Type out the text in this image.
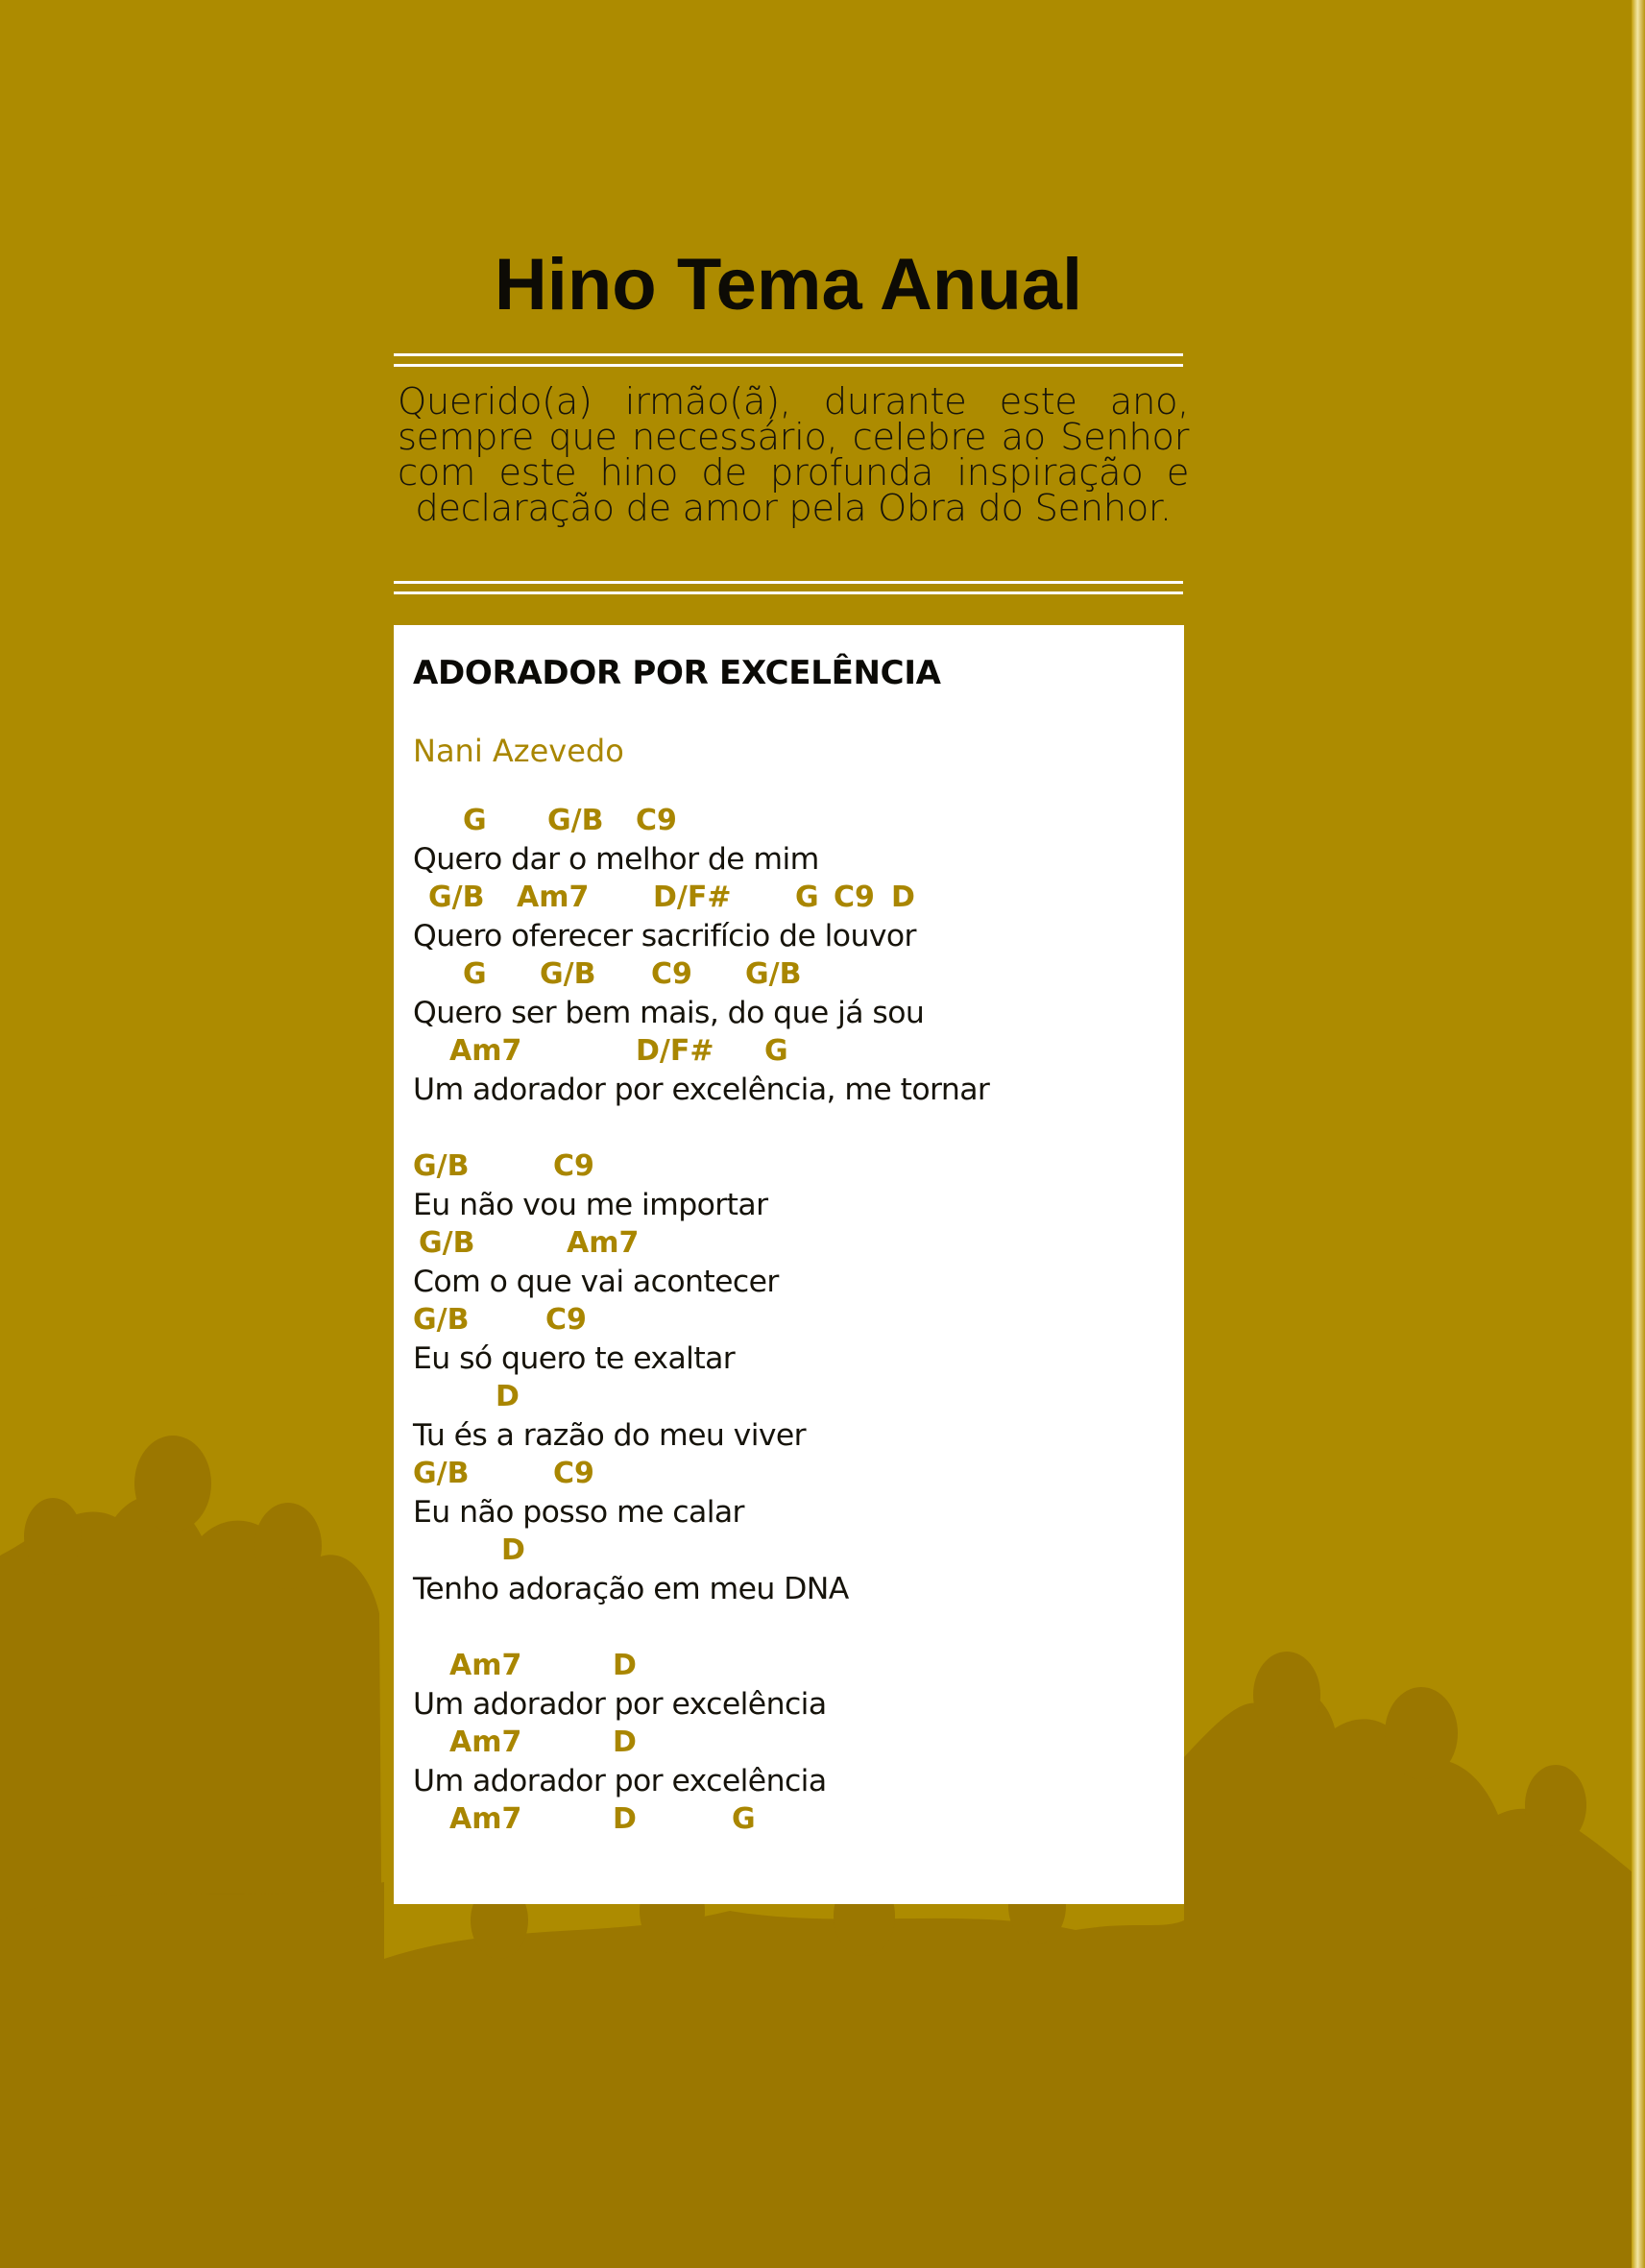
Hino Tema Anual

Querido(a) irmão(ã), durante este ano, sempre que necessário, celebre ao Senhor com este hino de profunda inspiração e declaração de amor pela Obra do Senhor.

ADORADOR POR EXCELÊNCIA
Nani Azevedo
G G/B C9
Quero dar o melhor de mim
G/B Am7 D/F# G C9 D
Quero oferecer sacrifício de louvor
G G/B C9 G/B
Quero ser bem mais, do que já sou
Am7	D/F# G
Um adorador por excelência, me tornar
G/B	C9
Eu não vou me importar
G/B	Am7
Com o que vai acontecer
G/B	C9
Eu só quero te exaltar
D
Tu és a razão do meu viver
G/B	C9
Eu não posso me calar
D
Tenho adoração em meu DNA
Am7	D
Um adorador por excelência
Am7	D
Um adorador por excelência
Am7	D	G
